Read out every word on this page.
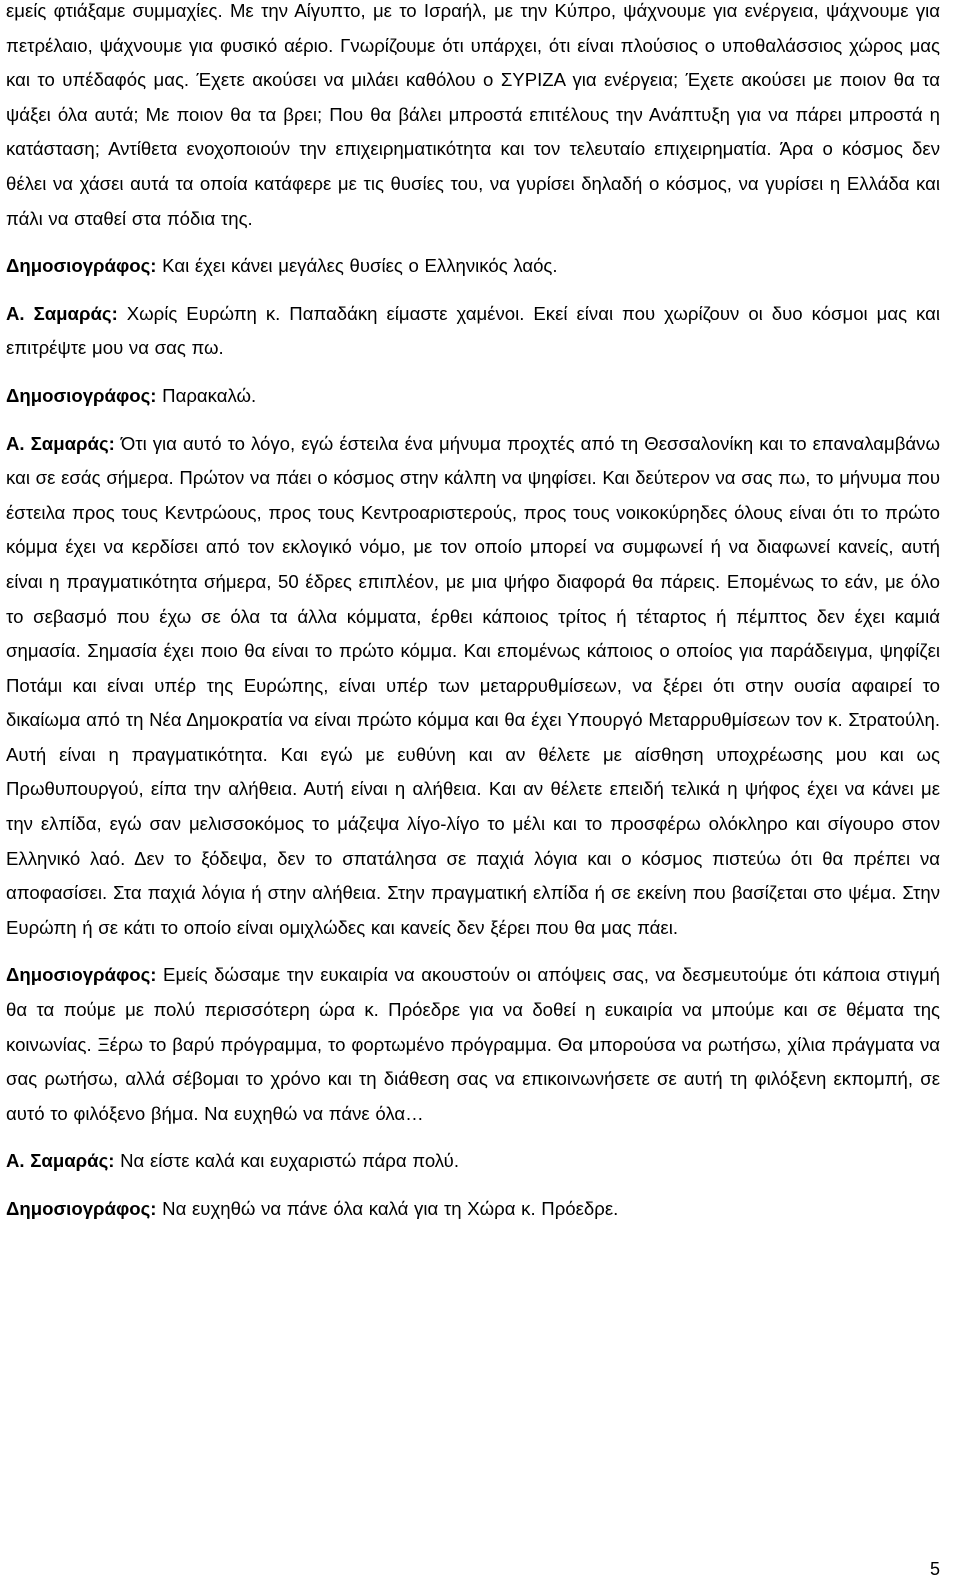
εμείς φτιάξαμε συμμαχίες. Με την Αίγυπτο, με το Ισραήλ, με την Κύπρο, ψάχνουμε για ενέργεια, ψάχνουμε για πετρέλαιο, ψάχνουμε για φυσικό αέριο. Γνωρίζουμε ότι υπάρχει, ότι είναι πλούσιος ο υποθαλάσσιος χώρος μας και το υπέδαφός μας. Έχετε ακούσει να μιλάει καθόλου ο ΣΥΡΙΖΑ για ενέργεια; Έχετε ακούσει με ποιον θα τα ψάξει όλα αυτά; Με ποιον θα τα βρει; Που θα βάλει μπροστά επιτέλους την Ανάπτυξη για να πάρει μπροστά η κατάσταση; Αντίθετα ενοχοποιούν την επιχειρηματικότητα και τον τελευταίο επιχειρηματία. Άρα ο κόσμος δεν θέλει να χάσει αυτά τα οποία κατάφερε με τις θυσίες του, να γυρίσει δηλαδή ο κόσμος, να γυρίσει η Ελλάδα και πάλι να σταθεί στα πόδια της.

Δημοσιογράφος: Και έχει κάνει μεγάλες θυσίες ο Ελληνικός λαός.

Α. Σαμαράς: Χωρίς Ευρώπη κ. Παπαδάκη είμαστε χαμένοι. Εκεί είναι που χωρίζουν οι δυο κόσμοι μας και επιτρέψτε μου να σας πω.

Δημοσιογράφος: Παρακαλώ.

Α. Σαμαράς: Ότι για αυτό το λόγο, εγώ έστειλα ένα μήνυμα προχτές από τη Θεσσαλονίκη και το επαναλαμβάνω και σε εσάς σήμερα. Πρώτον να πάει ο κόσμος στην κάλπη να ψηφίσει. Και δεύτερον να σας πω, το μήνυμα που έστειλα προς τους Κεντρώους, προς τους Κεντροαριστερούς, προς τους νοικοκύρηδες όλους είναι ότι το πρώτο κόμμα έχει να κερδίσει από τον εκλογικό νόμο, με τον οποίο μπορεί να συμφωνεί ή να διαφωνεί κανείς, αυτή είναι η πραγματικότητα σήμερα, 50 έδρες επιπλέον, με μια ψήφο διαφορά θα πάρεις. Επομένως το εάν, με όλο το σεβασμό που έχω σε όλα τα άλλα κόμματα, έρθει κάποιος τρίτος ή τέταρτος ή πέμπτος δεν έχει καμιά σημασία. Σημασία έχει ποιο θα είναι το πρώτο κόμμα. Και επομένως κάποιος ο οποίος για παράδειγμα, ψηφίζει Ποτάμι και είναι υπέρ της Ευρώπης, είναι υπέρ των μεταρρυθμίσεων, να ξέρει ότι στην ουσία αφαιρεί το δικαίωμα από τη Νέα Δημοκρατία να είναι πρώτο κόμμα και θα έχει Υπουργό Μεταρρυθμίσεων τον κ. Στρατούλη. Αυτή είναι η πραγματικότητα. Και εγώ με ευθύνη και αν θέλετε με αίσθηση υποχρέωσης μου και ως Πρωθυπουργού, είπα την αλήθεια. Αυτή είναι η αλήθεια. Και αν θέλετε επειδή τελικά η ψήφος έχει να κάνει με την ελπίδα, εγώ σαν μελισσοκόμος το μάζεψα λίγο-λίγο το μέλι και το προσφέρω ολόκληρο και σίγουρο στον Ελληνικό λαό. Δεν το ξόδεψα, δεν το σπατάλησα σε παχιά λόγια και ο κόσμος πιστεύω ότι θα πρέπει να αποφασίσει. Στα παχιά λόγια ή στην αλήθεια. Στην πραγματική ελπίδα ή σε εκείνη που βασίζεται στο ψέμα. Στην Ευρώπη ή σε κάτι το οποίο είναι ομιχλώδες και κανείς δεν ξέρει που θα μας πάει.

Δημοσιογράφος: Εμείς δώσαμε την ευκαιρία να ακουστούν οι απόψεις σας, να δεσμευτούμε ότι κάποια στιγμή θα τα πούμε με πολύ περισσότερη ώρα κ. Πρόεδρε για να δοθεί η ευκαιρία να μπούμε και σε θέματα της κοινωνίας. Ξέρω το βαρύ πρόγραμμα, το φορτωμένο πρόγραμμα. Θα μπορούσα να ρωτήσω, χίλια πράγματα να σας ρωτήσω, αλλά σέβομαι το χρόνο και τη διάθεση σας να επικοινωνήσετε σε αυτή τη φιλόξενη εκπομπή, σε αυτό το φιλόξενο βήμα. Να ευχηθώ να πάνε όλα…

Α. Σαμαράς: Να είστε καλά και ευχαριστώ πάρα πολύ.

Δημοσιογράφος: Να ευχηθώ να πάνε όλα καλά για τη Χώρα κ. Πρόεδρε.

5
